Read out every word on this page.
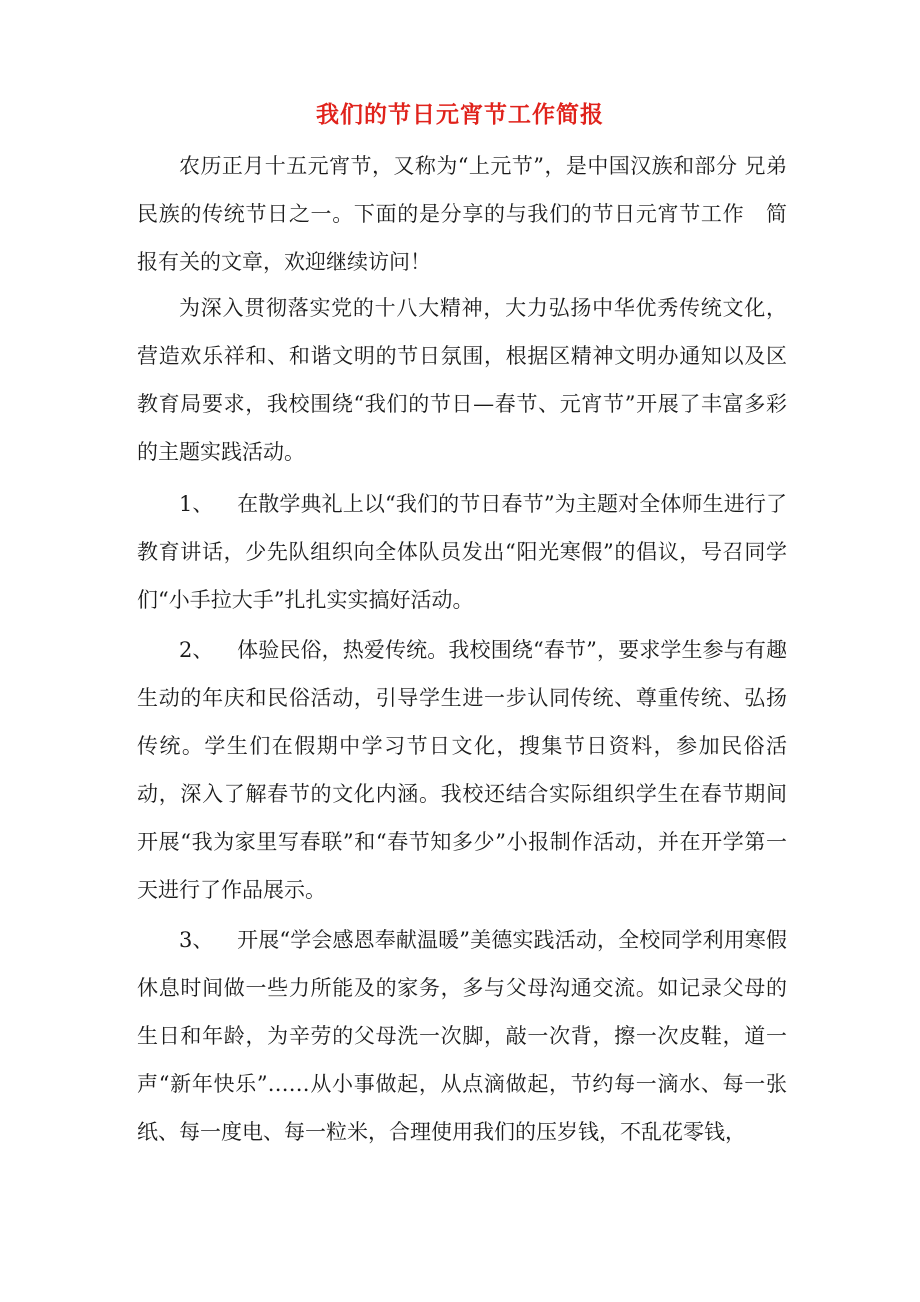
我们的节日元宵节工作简报

农历正月十五元宵节，又称为“上元节”，是中国汉族和部分 兄弟民族的传统节日之一。下面的是分享的与我们的节日元宵节工作　简报有关的文章，欢迎继续访问！

为深入贯彻落实党的十八大精神，大力弘扬中华优秀传统文化，营造欢乐祥和、和谐文明的节日氛围，根据区精神文明办通知以及区教育局要求，我校围绕“我们的节日—春节、元宵节”开展了丰富多彩的主题实践活动。

1、 在散学典礼上以“我们的节日春节”为主题对全体师生进行了教育讲话，少先队组织向全体队员发出“阳光寒假”的倡议，号召同学们“小手拉大手”扎扎实实搞好活动。

2、 体验民俗，热爱传统。我校围绕“春节”，要求学生参与有趣生动的年庆和民俗活动，引导学生进一步认同传统、尊重传统、弘扬传统。学生们在假期中学习节日文化，搜集节日资料，参加民俗活动，深入了解春节的文化内涵。我校还结合实际组织学生在春节期间开展“我为家里写春联”和“春节知多少”小报制作活动，并在开学第一天进行了作品展示。

3、 开展“学会感恩奉献温暖”美德实践活动，全校同学利用寒假休息时间做一些力所能及的家务，多与父母沟通交流。如记录父母的生日和年龄，为辛劳的父母洗一次脚，敲一次背，擦一次皮鞋，道一声“新年快乐”……从小事做起，从点滴做起，节约每一滴水、每一张纸、每一度电、每一粒米，合理使用我们的压岁钱，不乱花零钱，
